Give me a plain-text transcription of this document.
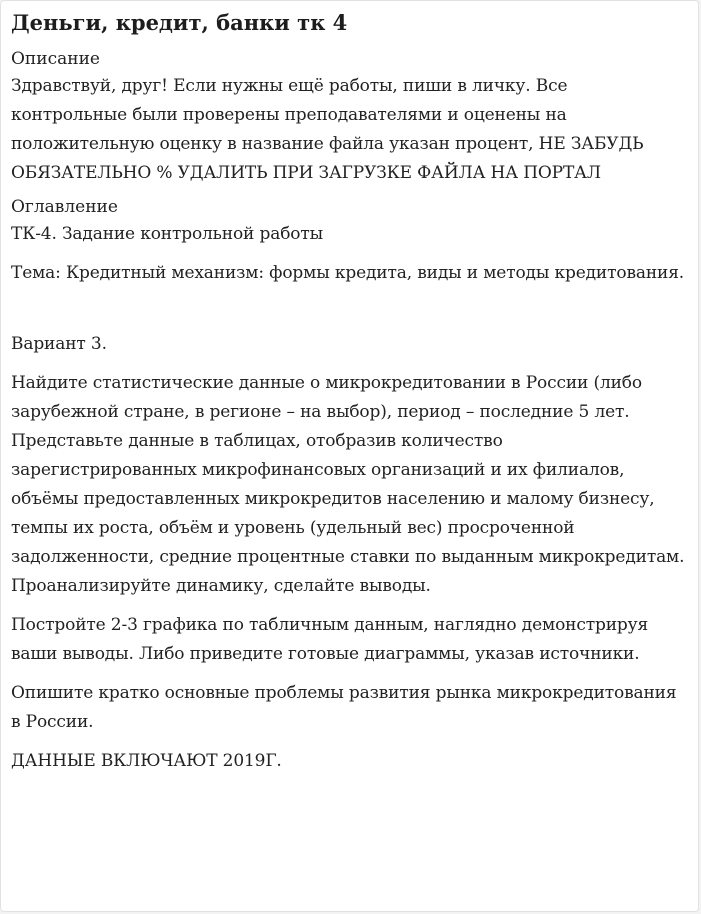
Деньги, кредит, банки тк 4
Описание

Здравствуй, друг! Если нужны ещё работы, пиши в личку. Все контрольные были проверены преподавателями и оценены на положительную оценку в название файла указан процент, НЕ ЗАБУДЬ ОБЯЗАТЕЛЬНО % УДАЛИТЬ ПРИ ЗАГРУЗКЕ ФАЙЛА НА ПОРТАЛ

Оглавление

ТК-4. Задание контрольной работы

Тема: Кредитный механизм: формы кредита, виды и методы кредитования.

Вариант 3.

Найдите статистические данные о микрокредитовании в России (либо зарубежной стране, в регионе – на выбор), период – последние 5 лет. Представьте данные в таблицах, отобразив количество зарегистрированных микрофинансовых организаций и их филиалов, объёмы предоставленных микрокредитов населению и малому бизнесу, темпы их роста, объём и уровень (удельный вес) просроченной задолженности, средние процентные ставки по выданным микрокредитам. Проанализируйте динамику, сделайте выводы.

Постройте 2-3 графика по табличным данным, наглядно демонстрируя ваши выводы. Либо приведите готовые диаграммы, указав источники.

Опишите кратко основные проблемы развития рынка микрокредитования в России.

ДАННЫЕ ВКЛЮЧАЮТ 2019Г.
